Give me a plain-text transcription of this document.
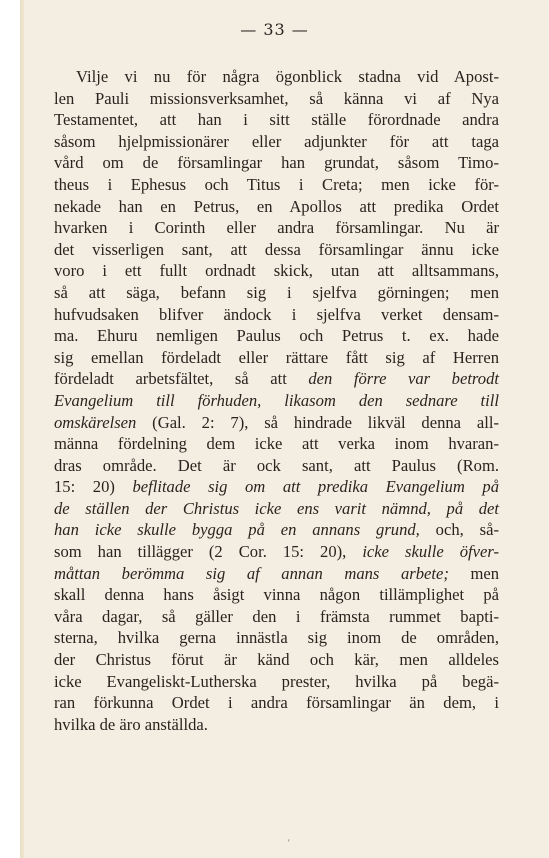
— 33 —
Vilje vi nu för några ögonblick stadna vid Apost-
len Pauli missionsverksamhet, så känna vi af Nya
Testamentet, att han i sitt ställe förordnade andra
såsom hjelpmissionärer eller adjunkter för att taga
vård om de församlingar han grundat, såsom Timo-
theus i Ephesus och Titus i Creta; men icke för-
nekade han en Petrus, en Apollos att predika Ordet
hvarken i Corinth eller andra församlingar. Nu är
det visserligen sant, att dessa församlingar ännu icke
voro i ett fullt ordnadt skick, utan att alltsammans,
så att säga, befann sig i sjelfva görningen; men
hufvudsaken blifver ändock i sjelfva verket densam-
ma. Ehuru nemligen Paulus och Petrus t. ex. hade
sig emellan fördeladt eller rättare fått sig af Herren
fördeladt arbetsfältet, så att den förre var betrodt
Evangelium till förhuden, likasom den sednare till
omskärelsen (Gal. 2: 7), så hindrade likväl denna all-
männa fördelning dem icke att verka inom hvaran-
dras område. Det är ock sant, att Paulus (Rom.
15: 20) beflitade sig om att predika Evangelium på
de ställen der Christus icke ens varit nämnd, på det
han icke skulle bygga på en annans grund, och, så-
som han tillägger (2 Cor. 15: 20), icke skulle öfver-
måttan berömma sig af annan mans arbete; men
skall denna hans åsigt vinna någon tillämplighet på
våra dagar, så gäller den i främsta rummet bapti-
sterna, hvilka gerna innästla sig inom de områden,
der Christus förut är känd och kär, men alldeles
icke Evangeliskt-Lutherska prester, hvilka på begä-
ran förkunna Ordet i andra församlingar än dem, i
hvilka de äro anställda.
'
